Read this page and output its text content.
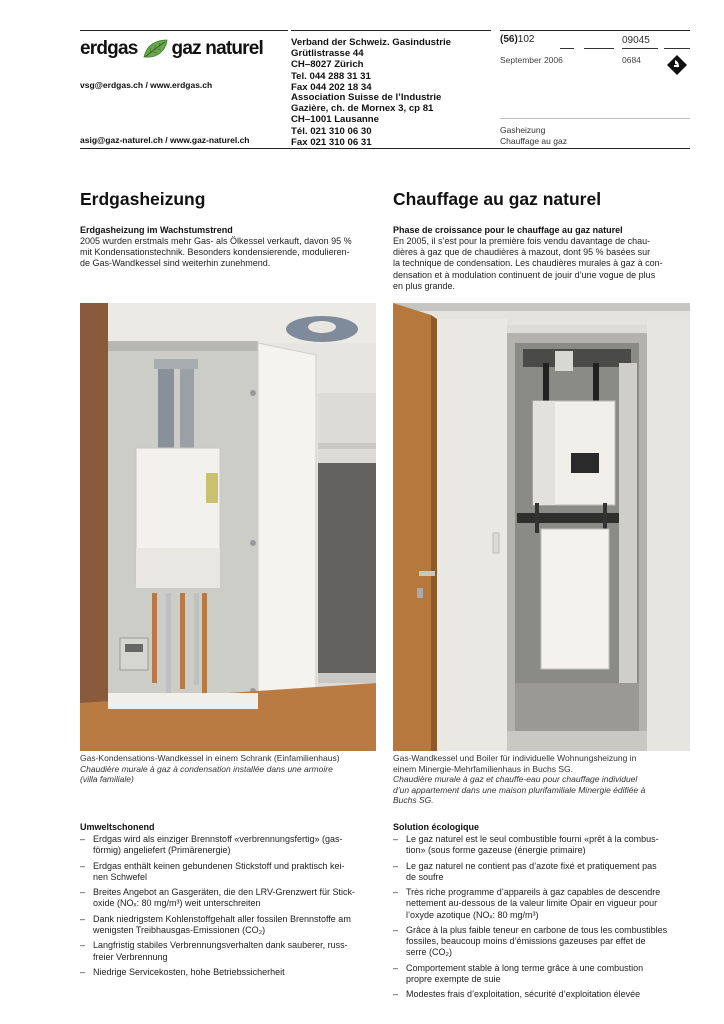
erdgas gaz naturel
vsg@erdgas.ch / www.erdgas.ch
asig@gaz-naturel.ch / www.gaz-naturel.ch
Verband der Schweiz. Gasindustrie
Grütlistrasse 44
CH–8027 Zürich
Tel. 044 288 31 31
Fax 044 202 18 34
Association Suisse de l’Industrie
Gazière, ch. de Mornex 3, cp 81
CH–1001 Lausanne
Tél. 021 310 06 30
Fax 021 310 06 31
(56)102
September 2006
09045
0684
Gasheizung
Chauffage au gaz
Erdgasheizung
Erdgasheizung im Wachstumstrend
2005 wurden erstmals mehr Gas- als Ölkessel verkauft, davon 95 %
mit Kondensationstechnik. Besonders kondensierende, modulieren-
de Gas-Wandkessel sind weiterhin zunehmend.
Gas-Kondensations-Wandkessel in einem Schrank (Einfamilienhaus)
Chaudière murale à gaz à condensation installée dans une armoire
(villa familiale)
Umweltschonend
– Erdgas wird als einziger Brennstoff «verbrennungsfertig» (gas-
förmig) angeliefert (Primärenergie)
– Erdgas enthält keinen gebundenen Stickstoff und praktisch kei-
nen Schwefel
– Breites Angebot an Gasgeräten, die den LRV-Grenzwert für Stick-
oxide (NOₓ: 80 mg/m³) weit unterschreiten
– Dank niedrigstem Kohlenstoffgehalt aller fossilen Brennstoffe am
wenigsten Treibhausgas-Emissionen (CO₂)
– Langfristig stabiles Verbrennungsverhalten dank sauberer, russ-
freier Verbrennung
– Niedrige Servicekosten, hohe Betriebssicherheit
Chauffage au gaz naturel
Phase de croissance pour le chauffage au gaz naturel
En 2005, il s’est pour la première fois vendu davantage de chau-
dières à gaz que de chaudières à mazout, dont 95 % basées sur
la technique de condensation. Les chaudières murales à gaz à con-
densation et à modulation continuent de jouir d’une vogue de plus
en plus grande.
Gas-Wandkessel und Boiler für individuelle Wohnungsheizung in
einem Minergie-Mehrfamilienhaus in Buchs SG.
Chaudière murale à gaz et chauffe-eau pour chauffage individuel
d’un appartement dans une maison plurifamiliale Minergie édifiée à
Buchs SG.
Solution écologique
– Le gaz naturel est le seul combustible fourni «prêt à la combus-
tion» (sous forme gazeuse (énergie primaire)
– Le gaz naturel ne contient pas d’azote fixé et pratiquement pas
de soufre
– Très riche programme d’appareils à gaz capables de descendre
nettement au-dessous de la valeur limite Opair en vigueur pour
l’oxyde azotique (NOₓ: 80 mg/m³)
– Grâce à la plus faible teneur en carbone de tous les combustibles
fossiles, beaucoup moins d’émissions gazeuses par effet de
serre (CO₂)
– Comportement stable à long terme grâce à une combustion
propre exempte de suie
– Modestes frais d’exploitation, sécurité d’exploitation élevée
